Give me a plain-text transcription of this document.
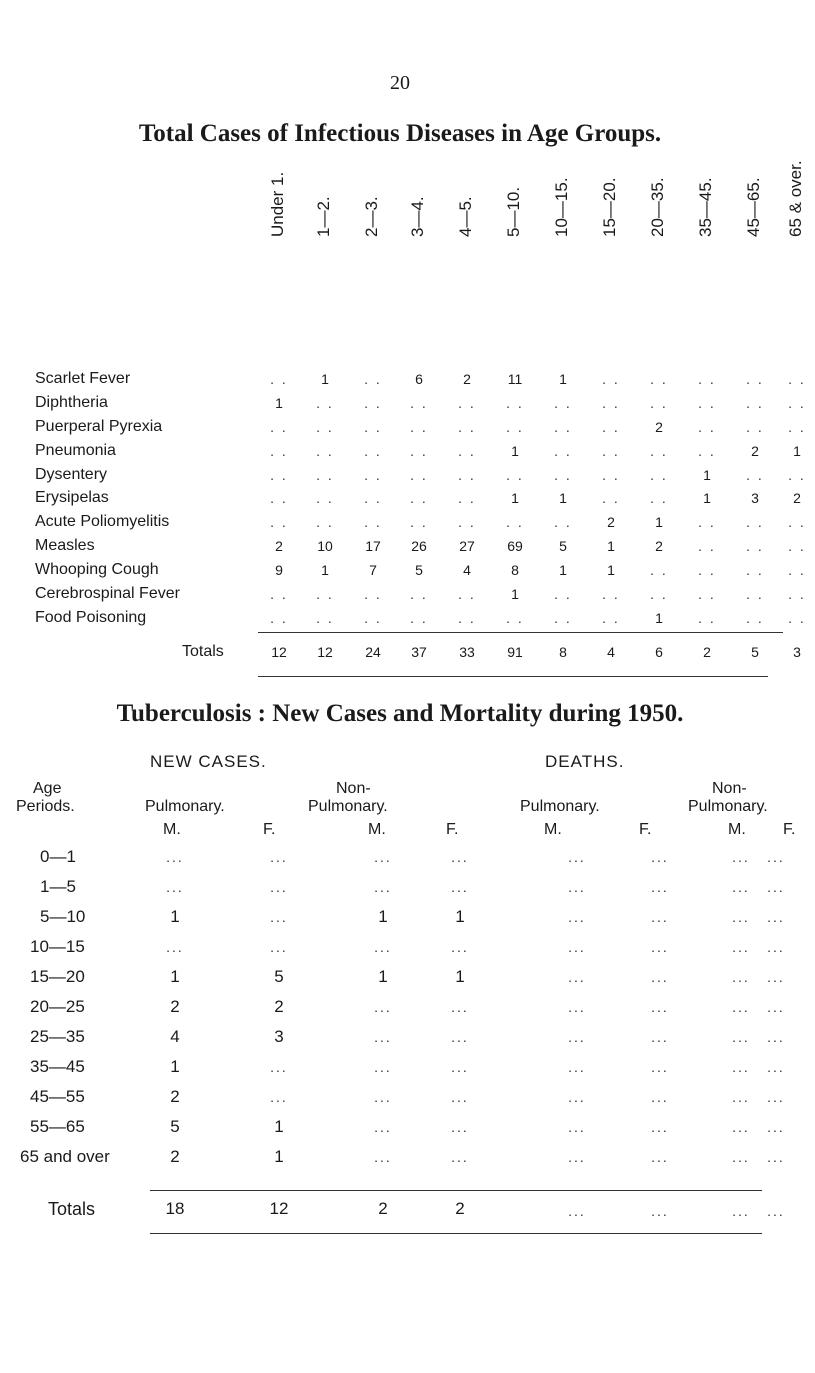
20
Total Cases of Infectious Diseases in Age Groups.
Under 1. 1—2. 2—3. 3—4. 4—5. 5—10. 10—15. 15—20. 20—35. 35—45. 45—65. 65 & over.
Scarlet Fever	. .	1	. .	6	2	11	1	. .	. .	. .	. .	. .
Diphtheria	1	. .	. .	. .	. .	. .	. .	. .	. .	. .	. .	. .
Puerperal Pyrexia	. .	. .	. .	. .	. .	. .	. .	. .	2	. .	. .	. .
Pneumonia	. .	. .	. .	. .	. .	1	. .	. .	. .	. .	2	1
Dysentery	. .	. .	. .	. .	. .	. .	. .	. .	. .	1	. .	. .
Erysipelas	. .	. .	. .	. .	. .	1	1	. .	. .	1	3	2
Acute Poliomyelitis	. .	. .	. .	. .	. .	. .	. .	2	1	. .	. .	. .
Measles	2	10	17	26	27	69	5	1	2	. .	. .	. .
Whooping Cough	9	1	7	5	4	8	1	1	. .	. .	. .	. .
Cerebrospinal Fever	. .	. .	. .	. .	. .	1	. .	. .	. .	. .	. .	. .
Food Poisoning	. .	. .	. .	. .	. .	. .	. .	. .	1	. .	. .	. .
Totals	12	12	24	37	33	91	8	4	6	2	5	3
Tuberculosis : New Cases and Mortality during 1950.
NEW CASES.	DEATHS.
Age
Periods.	Pulmonary.
Non-
Pulmonary.	Pulmonary.
Non-
Pulmonary.
M.	F.	M.	F.	M.	F.	M. F.
0—1	...	...	...	...	...	...	...	...
1—5	...	...	...	...	...	...	...	...
5—10	1	...	1	1	...	...	...	...
10—15	...	...	...	...	...	...	...	...
15—20	1	5	1	1	...	...	...	...
20—25	2	2	...	...	...	...	...	...
25—35	4	3	...	...	...	...	...	...
35—45	1	...	...	...	...	...	...	...
45—55	2	...	...	...	...	...	...	...
55—65	5	1	...	...	...	...	...	...
65 and over	2	1	...	...	...	...	...	...
Totals	18	12	2	2	...	...	...	...
